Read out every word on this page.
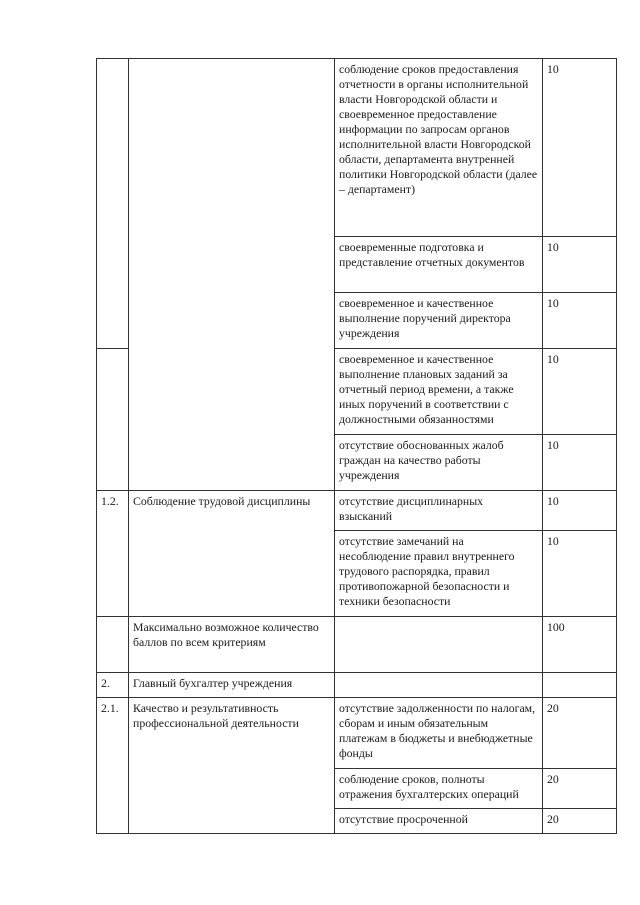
		соблюдение сроков предоставления отчетности в органы исполнительной власти Новгородской области и своевременное предоставление информации по запросам органов исполнительной власти Новгородской области, департамента внутренней политики Новгородской области (далее – департамент)	10
		своевременные подготовка и представление отчетных документов	10
		своевременное и качественное выполнение поручений директора учреждения	10
		своевременное и качественное выполнение плановых заданий за отчетный период времени, а также иных поручений в соответствии с должностными обязанностями	10
		отсутствие обоснованных жалоб граждан на качество работы учреждения	10
1.2.	Соблюдение трудовой дисциплины	отсутствие дисциплинарных взысканий	10
		отсутствие замечаний на несоблюдение правил внутреннего трудового распорядка, правил противопожарной безопасности и техники безопасности	10
	Максимально возможное количество баллов по всем критериям		100
2.	Главный бухгалтер учреждения		
2.1.	Качество и результативность профессиональной деятельности	отсутствие задолженности по налогам, сборам и иным обязательным платежам в бюджеты и внебюджетные фонды	20
		соблюдение сроков, полноты отражения бухгалтерских операций	20
		отсутствие просроченной	20
